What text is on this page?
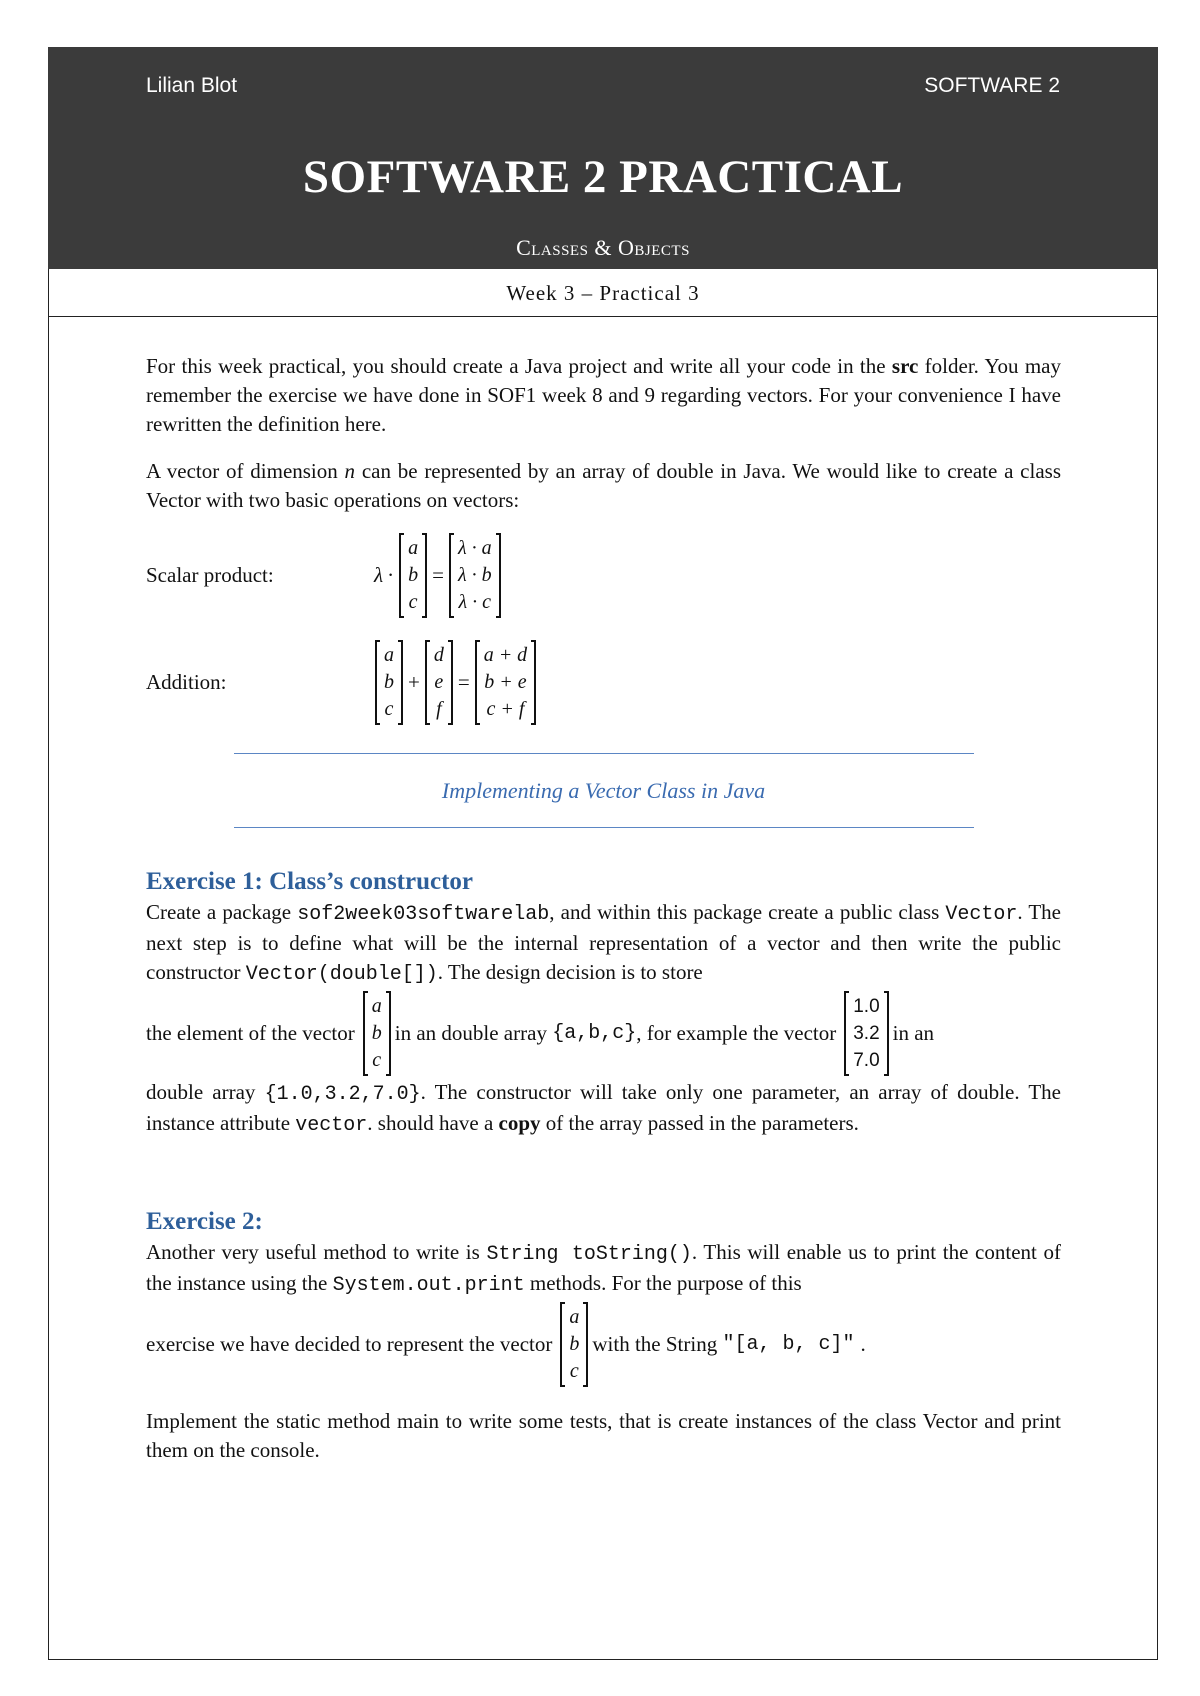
Lilian Blot	SOFTWARE 2
SOFTWARE 2 PRACTICAL
Classes & Objects
Week 3 – Practical 3

For this week practical, you should create a Java project and write all your code in the src folder. You may remember the exercise we have done in SOF1 week 8 and 9 regarding vectors. For your convenience I have rewritten the definition here.

A vector of dimension n can be represented by an array of double in Java. We would like to create a class Vector with two basic operations on vectors:

Scalar product:	λ ·
a
b
c
=
λ · a
λ · b
λ · c
Addition:
a
b
c
+
d
e
f
=
a + d
b + e
c + f
Implementing a Vector Class in Java
Exercise 1: Class’s constructor
Create a package sof2week03softwarelab, and within this package create a public class Vector. The next step is to define what will be the internal representation of a vector and then write the public constructor Vector(double[]). The design decision is to store
the element of the vector
a
b
c
in an double array {a,b,c} , for example the vector
1.0
3.2
7.0
in an

double array {1.0,3.2,7.0}. The constructor will take only one parameter, an array of double. The instance attribute vector. should have a copy of the array passed in the parameters.

Exercise 2:
Another very useful method to write is String toString(). This will enable us to print the content of the instance using the System.out.print methods. For the purpose of this
exercise we have decided to represent the vector
a
b
c
with the String "[a, b, c]" .

Implement the static method main to write some tests, that is create instances of the class Vector and print them on the console.
